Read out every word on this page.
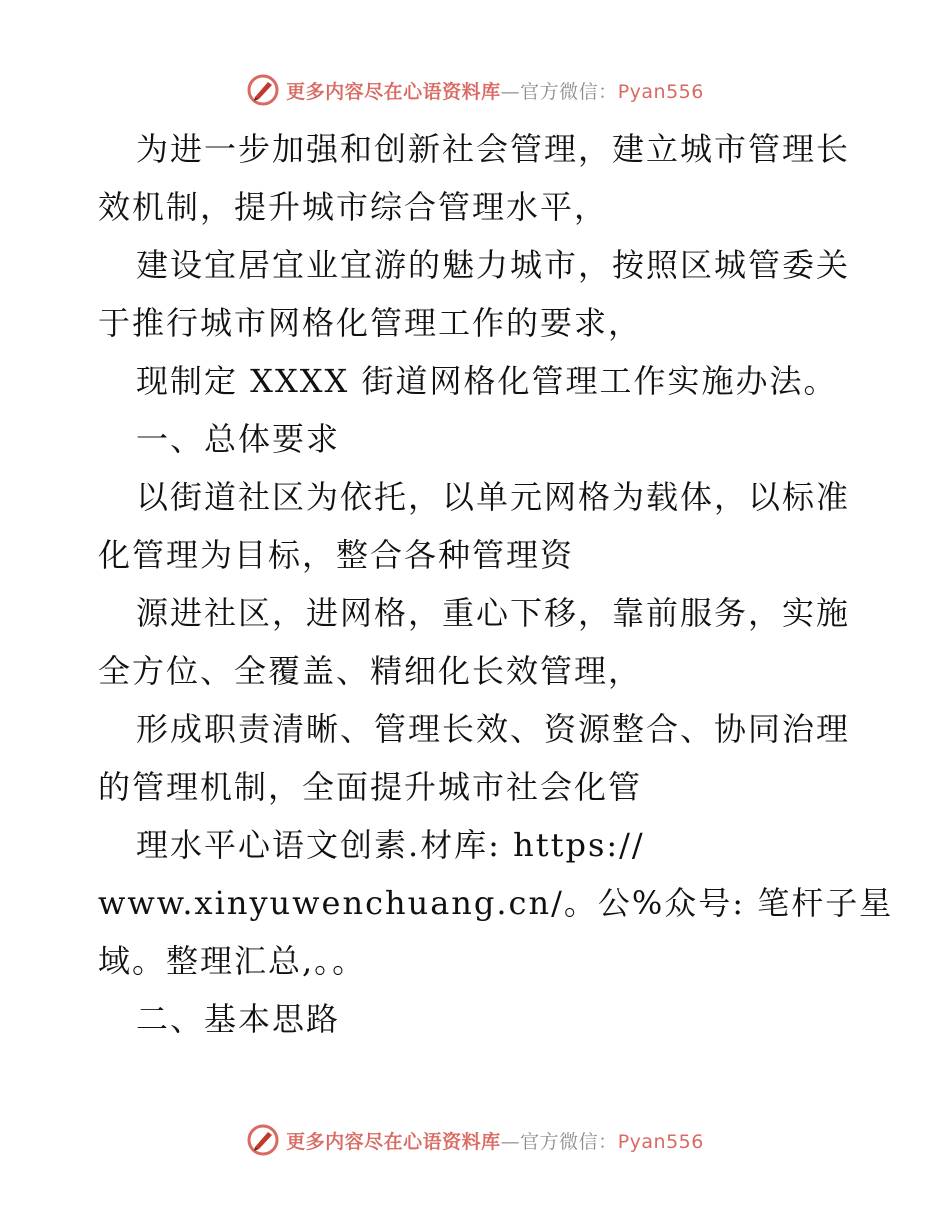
更多内容尽在心语资料库—官方微信：Pyan556
为进一步加强和创新社会管理，建立城市管理长
效机制，提升城市综合管理水平，
建设宜居宜业宜游的魅力城市，按照区城管委关
于推行城市网格化管理工作的要求，
现制定 XXXX 街道网格化管理工作实施办法。
一、总体要求
以街道社区为依托，以单元网格为载体，以标准
化管理为目标，整合各种管理资
源进社区，进网格，重心下移，靠前服务，实施
全方位、全覆盖、精细化长效管理，
形成职责清晰、管理长效、资源整合、协同治理
的管理机制，全面提升城市社会化管
理水平心语文创素.材库: https://
www.xinyuwenchuang.cn/。公%众号: 笔杆子星
域。整理汇总,。。
二、基本思路
更多内容尽在心语资料库—官方微信：Pyan556
